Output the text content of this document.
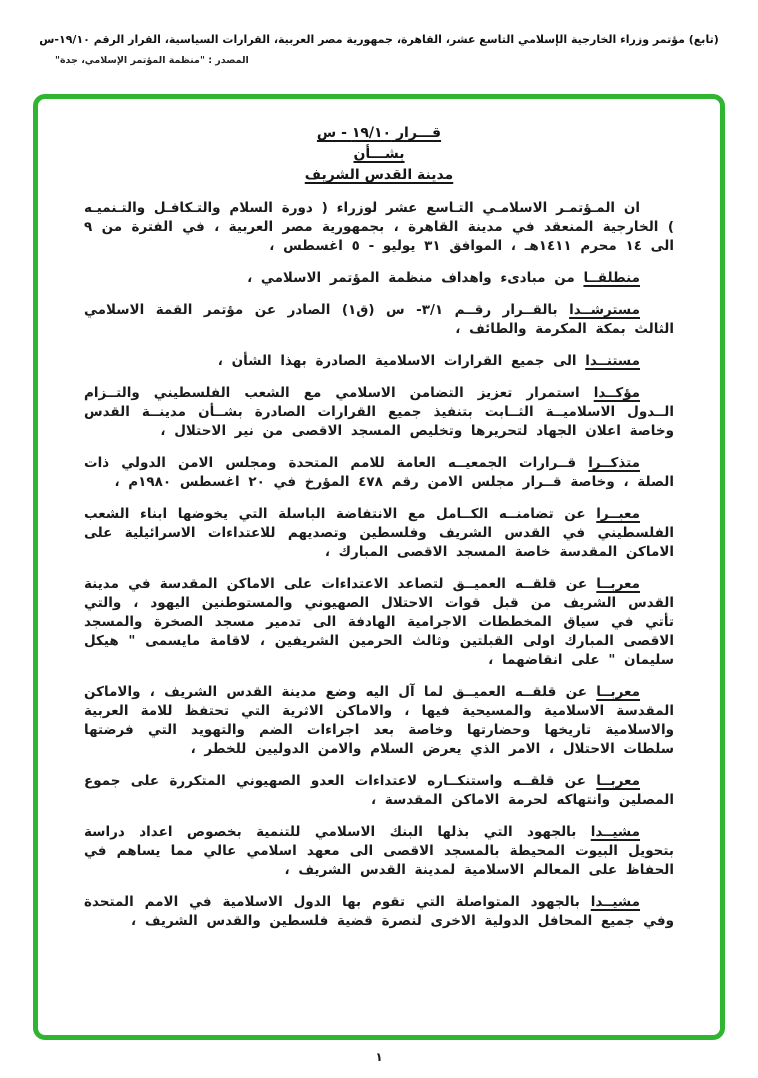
(تابع) مؤتمر وزراء الخارجية الإسلامي التاسع عشر، القاهرة، جمهورية مصر العربية، القرارات السياسية، القرار الرقم ١٩/١٠-س
المصدر : "منظمة المؤتمر الإسلامي، جدة"
قـــرار ١٩/١٠ - س
بشـــأن
مدينة القدس الشريف

ان المـؤتمـر الاسلامـي التـاسع عشر لوزراء ( دورة السلام والتـكافـل والتـنميـه ) الخارجية المنعقد في مدينة القاهرة ، بجمهورية مصر العربية ، في الفترة من ٩ الى ١٤ محرم ١٤١١هـ ، الموافق ٣١ يوليو - ٥ اغسطس ،

منطلقــا من مبادىء واهداف منظمة المؤتمر الاسلامي ،

مسترشــدا بالقــرار رقــم ٣/١- س (ق١) الصادر عن مؤتمر القمة الاسلامي الثالث بمكة المكرمة والطائف ،

مستنــدا الى جميع القرارات الاسلامية الصادرة بهذا الشأن ،

مؤكــدا استمرار تعزيز التضامن الاسلامي مع الشعب الفلسطيني والتــزام الــدول الاسلاميــة الثــابت بتنفيذ جميع القرارات الصادرة بشــأن مدينــة القدس وخاصة اعلان الجهاد لتحريرها وتخليص المسجد الاقصى من نير الاحتلال ،

متذكــرا قــرارات الجمعيــه العامة للامم المتحدة ومجلس الامن الدولي ذات الصلة ، وخاصة قــرار مجلس الامن رقم ٤٧٨ المؤرخ في ٢٠ اغسطس ١٩٨٠م ،

معبــرا عن تضامنــه الكــامل مع الانتفاضة الباسلة التي يخوضها ابناء الشعب الفلسطيني في القدس الشريف وفلسطين وتصديهم للاعتداءات الاسرائيلية على الاماكن المقدسة خاصة المسجد الاقصى المبارك ،

معربــا عن قلقــه العميــق لتصاعد الاعتداءات على الاماكن المقدسة في مدينة القدس الشريف من قبل قوات الاحتلال الصهيوني والمستوطنين اليهود ، والتي تأتي في سياق المخططات الاجرامية الهادفة الى تدمير مسجد الصخرة والمسجد الاقصى المبارك اولى القبلتين وثالث الحرمين الشريفين ، لاقامة مايسمى " هيكل سليمان " على انقاضهما ،

معربــا عن قلقــه العميــق لما آل اليه وضع مدينة القدس الشريف ، والاماكن المقدسة الاسلامية والمسيحية فيها ، والاماكن الاثرية التي تحتفظ للامة العربية والاسلامية تاريخها وحضارتها وخاصة بعد اجراءات الضم والتهويد التي فرضتها سلطات الاحتلال ، الامر الذي يعرض السلام والامن الدوليين للخطر ،

معربــا عن قلقــه واستنكــاره لاعتداءات العدو الصهيوني المتكررة على جموع المصلين وانتهاكه لحرمة الاماكن المقدسة ،

مشيــدا بالجهود التي بذلها البنك الاسلامي للتنمية بخصوص اعداد دراسة بتحويل البيوت المحيطة بالمسجد الاقصى الى معهد اسلامي عالي مما يساهم في الحفاظ على المعالم الاسلامية لمدينة القدس الشريف ،

مشيــدا بالجهود المتواصلة التي تقوم بها الدول الاسلامية في الامم المتحدة وفي جميع المحافل الدولية الاخرى لنصرة قضية فلسطين والقدس الشريف ،

١
